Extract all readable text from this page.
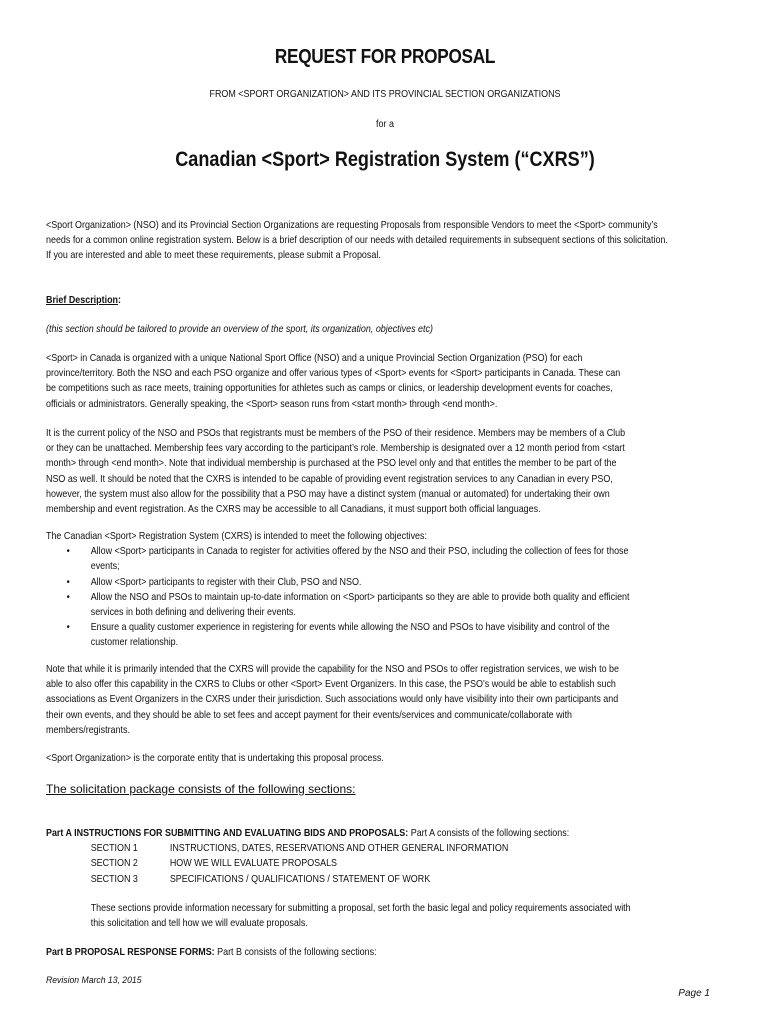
REQUEST FOR PROPOSAL
FROM <SPORT ORGANIZATION> AND ITS PROVINCIAL SECTION ORGANIZATIONS
for a
Canadian <Sport> Registration System (“CXRS”)

<Sport Organization> (NSO) and its Provincial Section Organizations are requesting Proposals from responsible Vendors to meet the <Sport> community’s

needs for a common online registration system. Below is a brief description of our needs with detailed requirements in subsequent sections of this solicitation.

If you are interested and able to meet these requirements, please submit a Proposal.

Brief Description:

(this section should be tailored to provide an overview of the sport, its organization, objectives etc)

<Sport> in Canada is organized with a unique National Sport Office (NSO) and a unique Provincial Section Organization (PSO) for each

province/territory. Both the NSO and each PSO organize and offer various types of <Sport> events for <Sport> participants in Canada. These can

be competitions such as race meets, training opportunities for athletes such as camps or clinics, or leadership development events for coaches,

officials or administrators. Generally speaking, the <Sport> season runs from <start month> through <end month>.

It is the current policy of the NSO and PSOs that registrants must be members of the PSO of their residence. Members may be members of a Club

or they can be unattached. Membership fees vary according to the participant’s role. Membership is designated over a 12 month period from <start

month> through <end month>. Note that individual membership is purchased at the PSO level only and that entitles the member to be part of the

NSO as well. It should be noted that the CXRS is intended to be capable of providing event registration services to any Canadian in every PSO,

however, the system must also allow for the possibility that a PSO may have a distinct system (manual or automated) for undertaking their own

membership and event registration. As the CXRS may be accessible to all Canadians, it must support both official languages.

The Canadian <Sport> Registration System (CXRS) is intended to meet the following objectives:

• Allow <Sport> participants in Canada to register for activities offered by the NSO and their PSO, including the collection of fees for those
events;
• Allow <Sport> participants to register with their Club, PSO and NSO.
• Allow the NSO and PSOs to maintain up-to-date information on <Sport> participants so they are able to provide both quality and efficient
services in both defining and delivering their events.
• Ensure a quality customer experience in registering for events while allowing the NSO and PSOs to have visibility and control of the
customer relationship.

Note that while it is primarily intended that the CXRS will provide the capability for the NSO and PSOs to offer registration services, we wish to be

able to also offer this capability in the CXRS to Clubs or other <Sport> Event Organizers. In this case, the PSO’s would be able to establish such

associations as Event Organizers in the CXRS under their jurisdiction. Such associations would only have visibility into their own participants and

their own events, and they should be able to set fees and accept payment for their events/services and communicate/collaborate with

members/registrants.

<Sport Organization> is the corporate entity that is undertaking this proposal process.

The solicitation package consists of the following sections:

Part A INSTRUCTIONS FOR SUBMITTING AND EVALUATING BIDS AND PROPOSALS: Part A consists of the following sections:

SECTION 1	INSTRUCTIONS, DATES, RESERVATIONS AND OTHER GENERAL INFORMATION
SECTION 2	HOW WE WILL EVALUATE PROPOSALS
SECTION 3	SPECIFICATIONS / QUALIFICATIONS / STATEMENT OF WORK

These sections provide information necessary for submitting a proposal, set forth the basic legal and policy requirements associated with

this solicitation and tell how we will evaluate proposals.

Part B PROPOSAL RESPONSE FORMS: Part B consists of the following sections:

Revision March 13, 2015
Page 1
